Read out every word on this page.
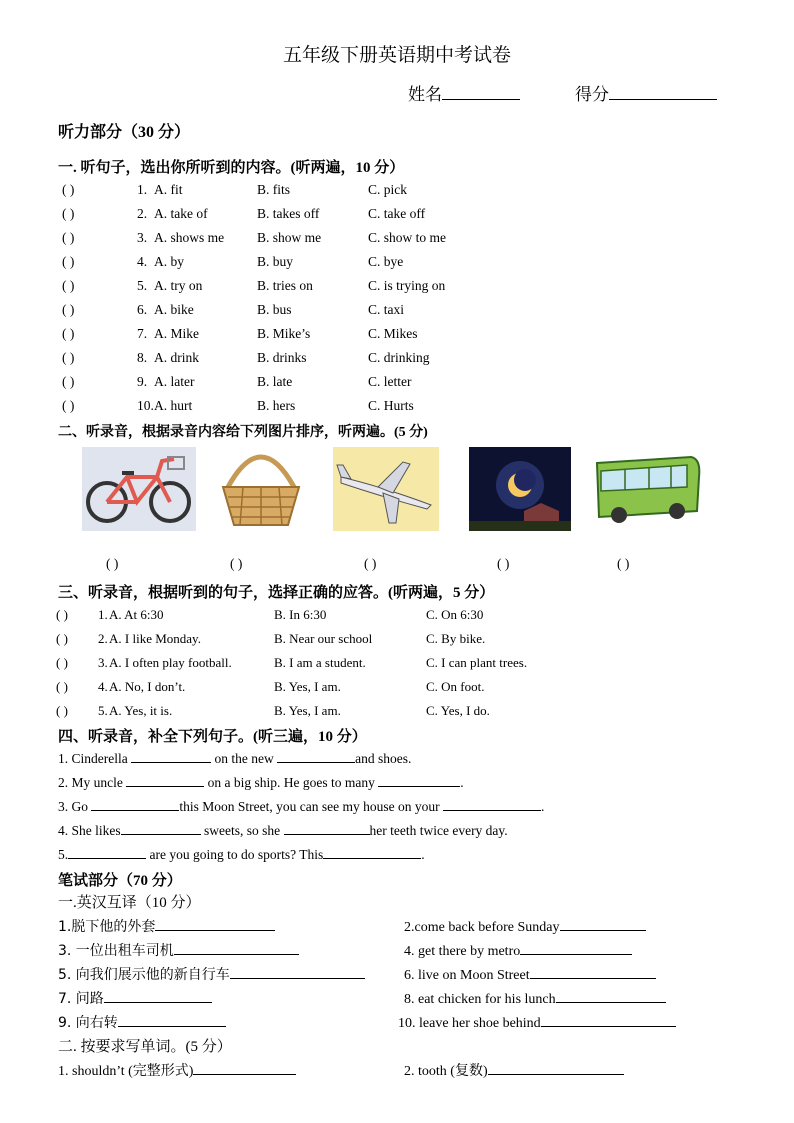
五年级下册英语期中考试卷
姓名	得分
听力部分（30 分）
一. 听句子，选出你所听到的内容。(听两遍，10 分）
( )	1. A. fit	B. fits	C. pick
( )	2. A. take of	B. takes off	C. take off
( )	3. A. shows me B. show me	C. show to me
( )	4. A. by	B. buy	C. bye
( )	5. A. try on	B. tries on	C. is trying on
( )	6. A. bike	B. bus	C. taxi
( )	7. A. Mike	B. Mike’s	C. Mikes
( )	8. A. drink	B. drinks	C. drinking
( )	9. A. later	B. late	C. letter
( )	10. A. hurt	B. hers	C. Hurts
二、听录音，根据录音内容给下列图片排序，听两遍。(5 分)
( )	( )	( )	( )	( )
三、听录音，根据听到的句子，选择正确的应答。(听两遍，5 分）
( ) 1. A. At 6:30	B. In 6:30	C. On 6:30
( ) 2. A. I like Monday.	B. Near our school	C. By bike.
( ) 3. A. I often play football.	B. I am a student.	C. I can plant trees.
( ) 4. A. No, I don’t.	B. Yes, I am.	C. On foot.
( ) 5. A. Yes, it is.	B. Yes, I am.	C. Yes, I do.
四、听录音，补全下列句子。(听三遍，10 分）
1. Cinderella	on the new	and shoes.
2. My uncle	on a big ship. He goes to many	.
3. Go	this Moon Street, you can see my house on your	.
4. She likes	sweets, so she	her teeth twice every day.
5.	are you going to do sports? This	.
笔试部分（70 分）
一.英汉互译（10 分）
1.脱下他的外套	2.come back before Sunday
3. 一位出租车司机	4. get there by metro
5. 向我们展示他的新自行车	6. live on Moon Street
7. 问路	8. eat chicken for his lunch
9. 向右转	10. leave her shoe behind
二. 按要求写单词。(5 分）
1. shouldn’t (完整形式)	2. tooth (复数)
